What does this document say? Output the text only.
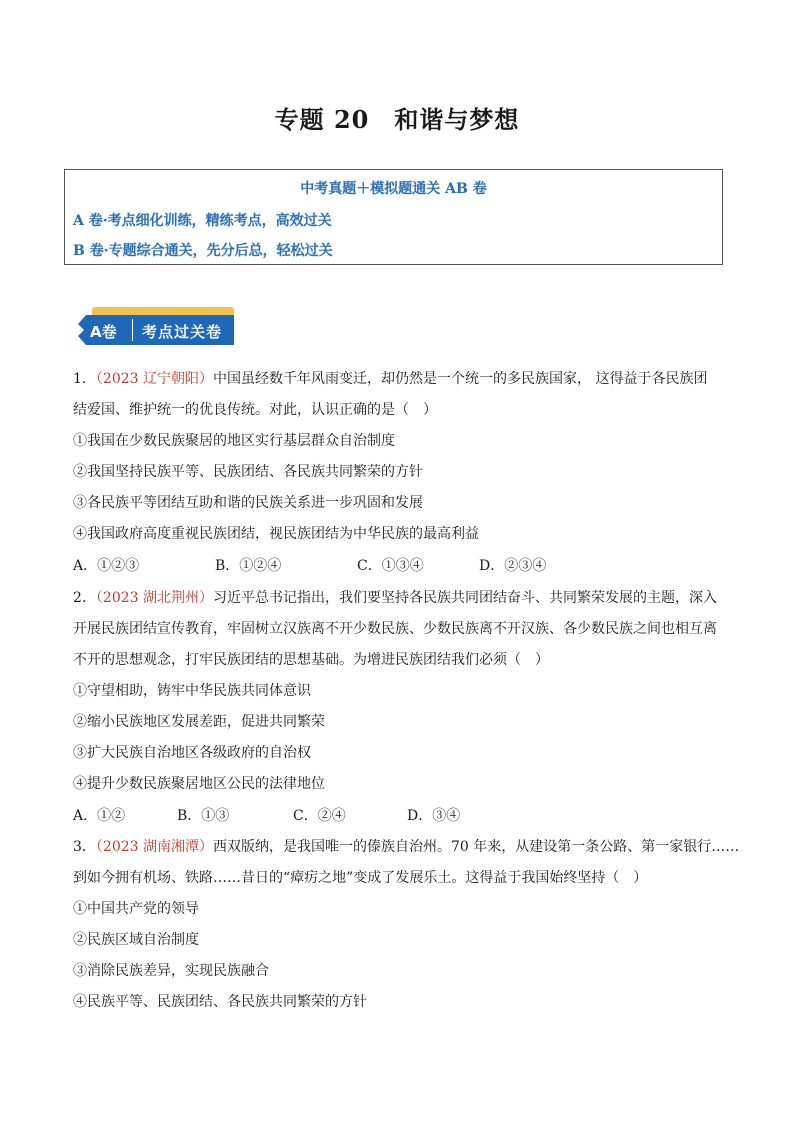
专题 20　和谐与梦想
中考真题＋模拟题通关 AB 卷
A 卷·考点细化训练，精练考点，高效过关
B 卷·专题综合通关，先分后总，轻松过关
A卷 考点过关卷
1．（2023 辽宁朝阳）中国虽经数千年风雨变迁，却仍然是一个统一的多民族国家， 这得益于各民族团
结爱国、维护统一的优良传统。对此，认识正确的是（　）
①我国在少数民族聚居的地区实行基层群众自治制度
②我国坚持民族平等、民族团结、各民族共同繁荣的方针
③各民族平等团结互助和谐的民族关系进一步巩固和发展
④我国政府高度重视民族团结，视民族团结为中华民族的最高利益
A．①②③	B．①②④	C．①③④	D．②③④
2．（2023 湖北荆州）习近平总书记指出，我们要坚持各民族共同团结奋斗、共同繁荣发展的主题，深入
开展民族团结宣传教育，牢固树立汉族离不开少数民族、少数民族离不开汉族、各少数民族之间也相互离
不开的思想观念，打牢民族团结的思想基础。为增进民族团结我们必须（　）
①守望相助，铸牢中华民族共同体意识
②缩小民族地区发展差距，促进共同繁荣
③扩大民族自治地区各级政府的自治权
④提升少数民族聚居地区公民的法律地位
A．①②	B．①③	C．②④	D．③④
3．（2023 湖南湘潭）西双版纳，是我国唯一的傣族自治州。70 年来，从建设第一条公路、第一家银行……
到如今拥有机场、铁路……昔日的“瘴疠之地”变成了发展乐土。这得益于我国始终坚持（　）
①中国共产党的领导
②民族区域自治制度
③消除民族差异，实现民族融合
④民族平等、民族团结、各民族共同繁荣的方针
